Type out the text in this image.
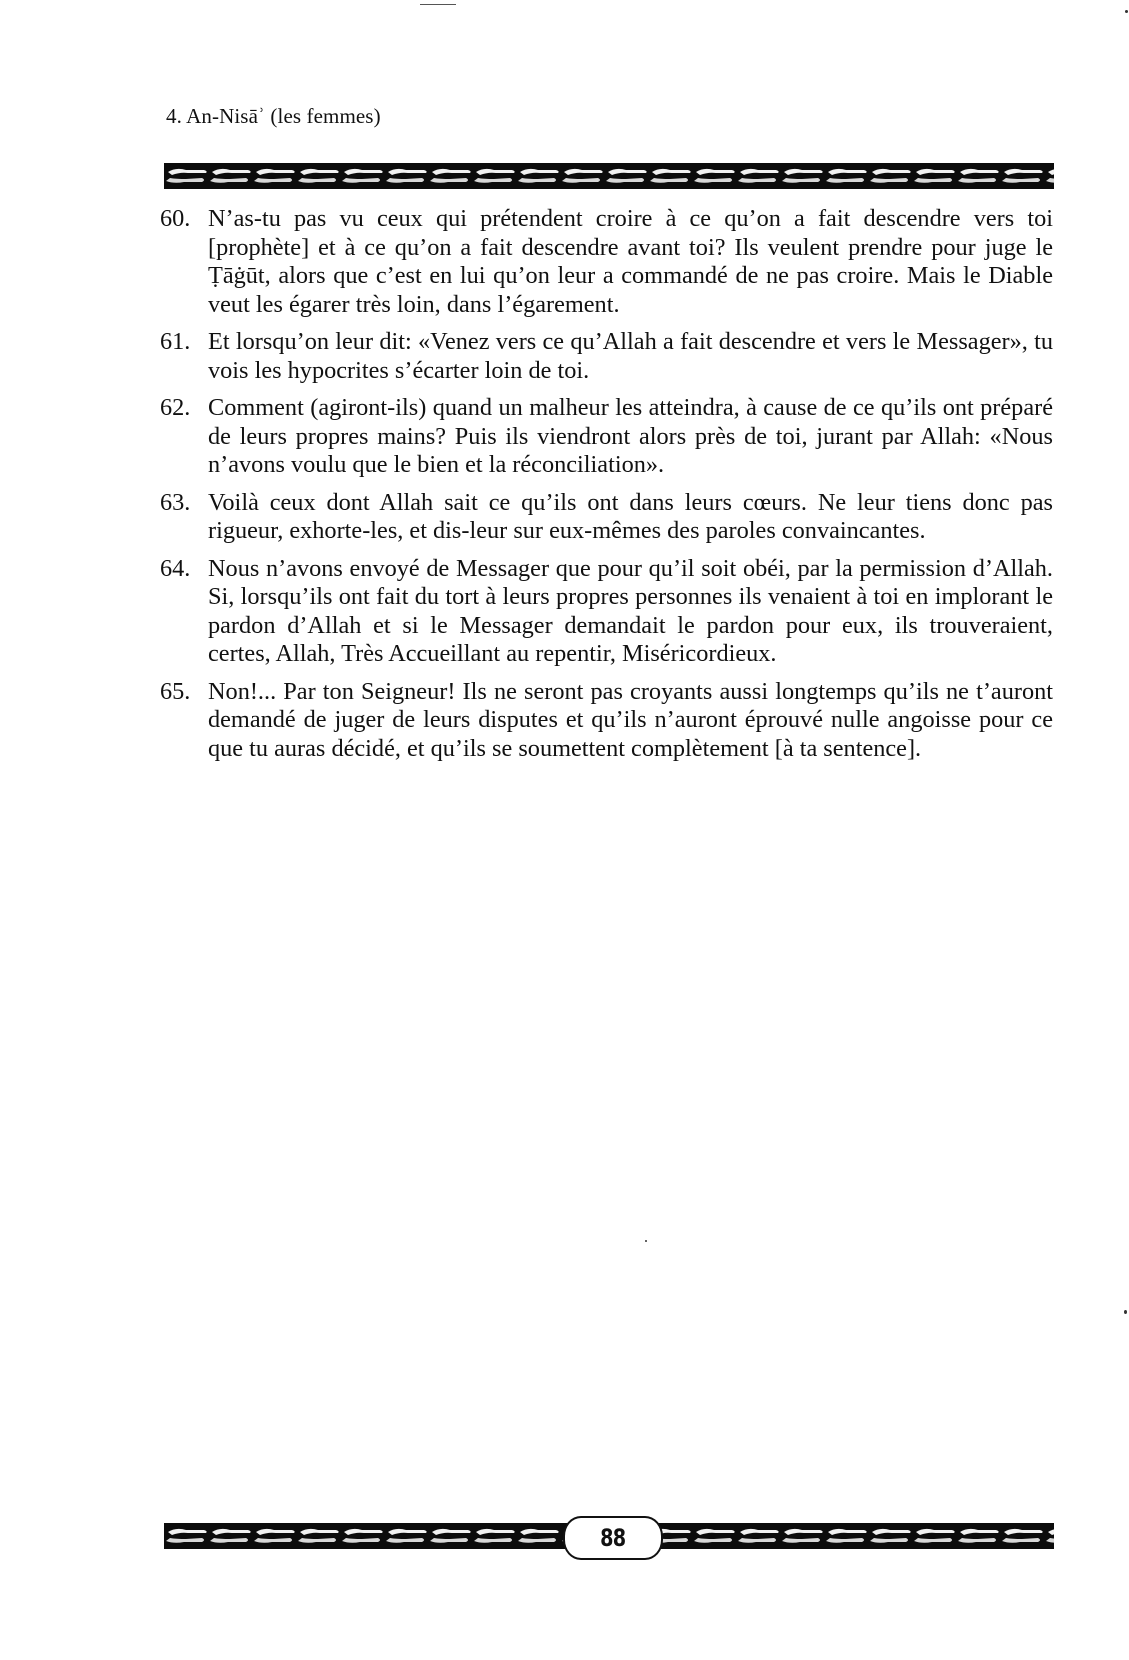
4. An-Nisāʾ (les femmes)
60. N’as-tu pas vu ceux qui prétendent croire à ce qu’on a fait descendre vers toi [prophète] et à ce qu’on a fait descendre avant toi? Ils veulent prendre pour juge le Ṭāġūt, alors que c’est en lui qu’on leur a commandé de ne pas croire. Mais le Diable veut les égarer très loin, dans l’égarement.
61. Et lorsqu’on leur dit: «Venez vers ce qu’Allah a fait descendre et vers le Messager», tu vois les hypocrites s’écarter loin de toi.
62. Comment (agiront-ils) quand un malheur les atteindra, à cause de ce qu’ils ont préparé de leurs propres mains? Puis ils viendront alors près de toi, jurant par Allah: «Nous n’avons voulu que le bien et la réconciliation».
63. Voilà ceux dont Allah sait ce qu’ils ont dans leurs cœurs. Ne leur tiens donc pas rigueur, exhorte-les, et dis-leur sur eux-mêmes des paroles convaincantes.
64. Nous n’avons envoyé de Messager que pour qu’il soit obéi, par la permission d’Allah. Si, lorsqu’ils ont fait du tort à leurs propres personnes ils venaient à toi en implorant le pardon d’Allah et si le Messager demandait le pardon pour eux, ils trouveraient, certes, Allah, Très Accueillant au repentir, Miséricordieux.
65. Non!... Par ton Seigneur! Ils ne seront pas croyants aussi longtemps qu’ils ne t’auront demandé de juger de leurs disputes et qu’ils n’auront éprouvé nulle angoisse pour ce que tu auras décidé, et qu’ils se soumettent complètement [à ta sentence].
88
